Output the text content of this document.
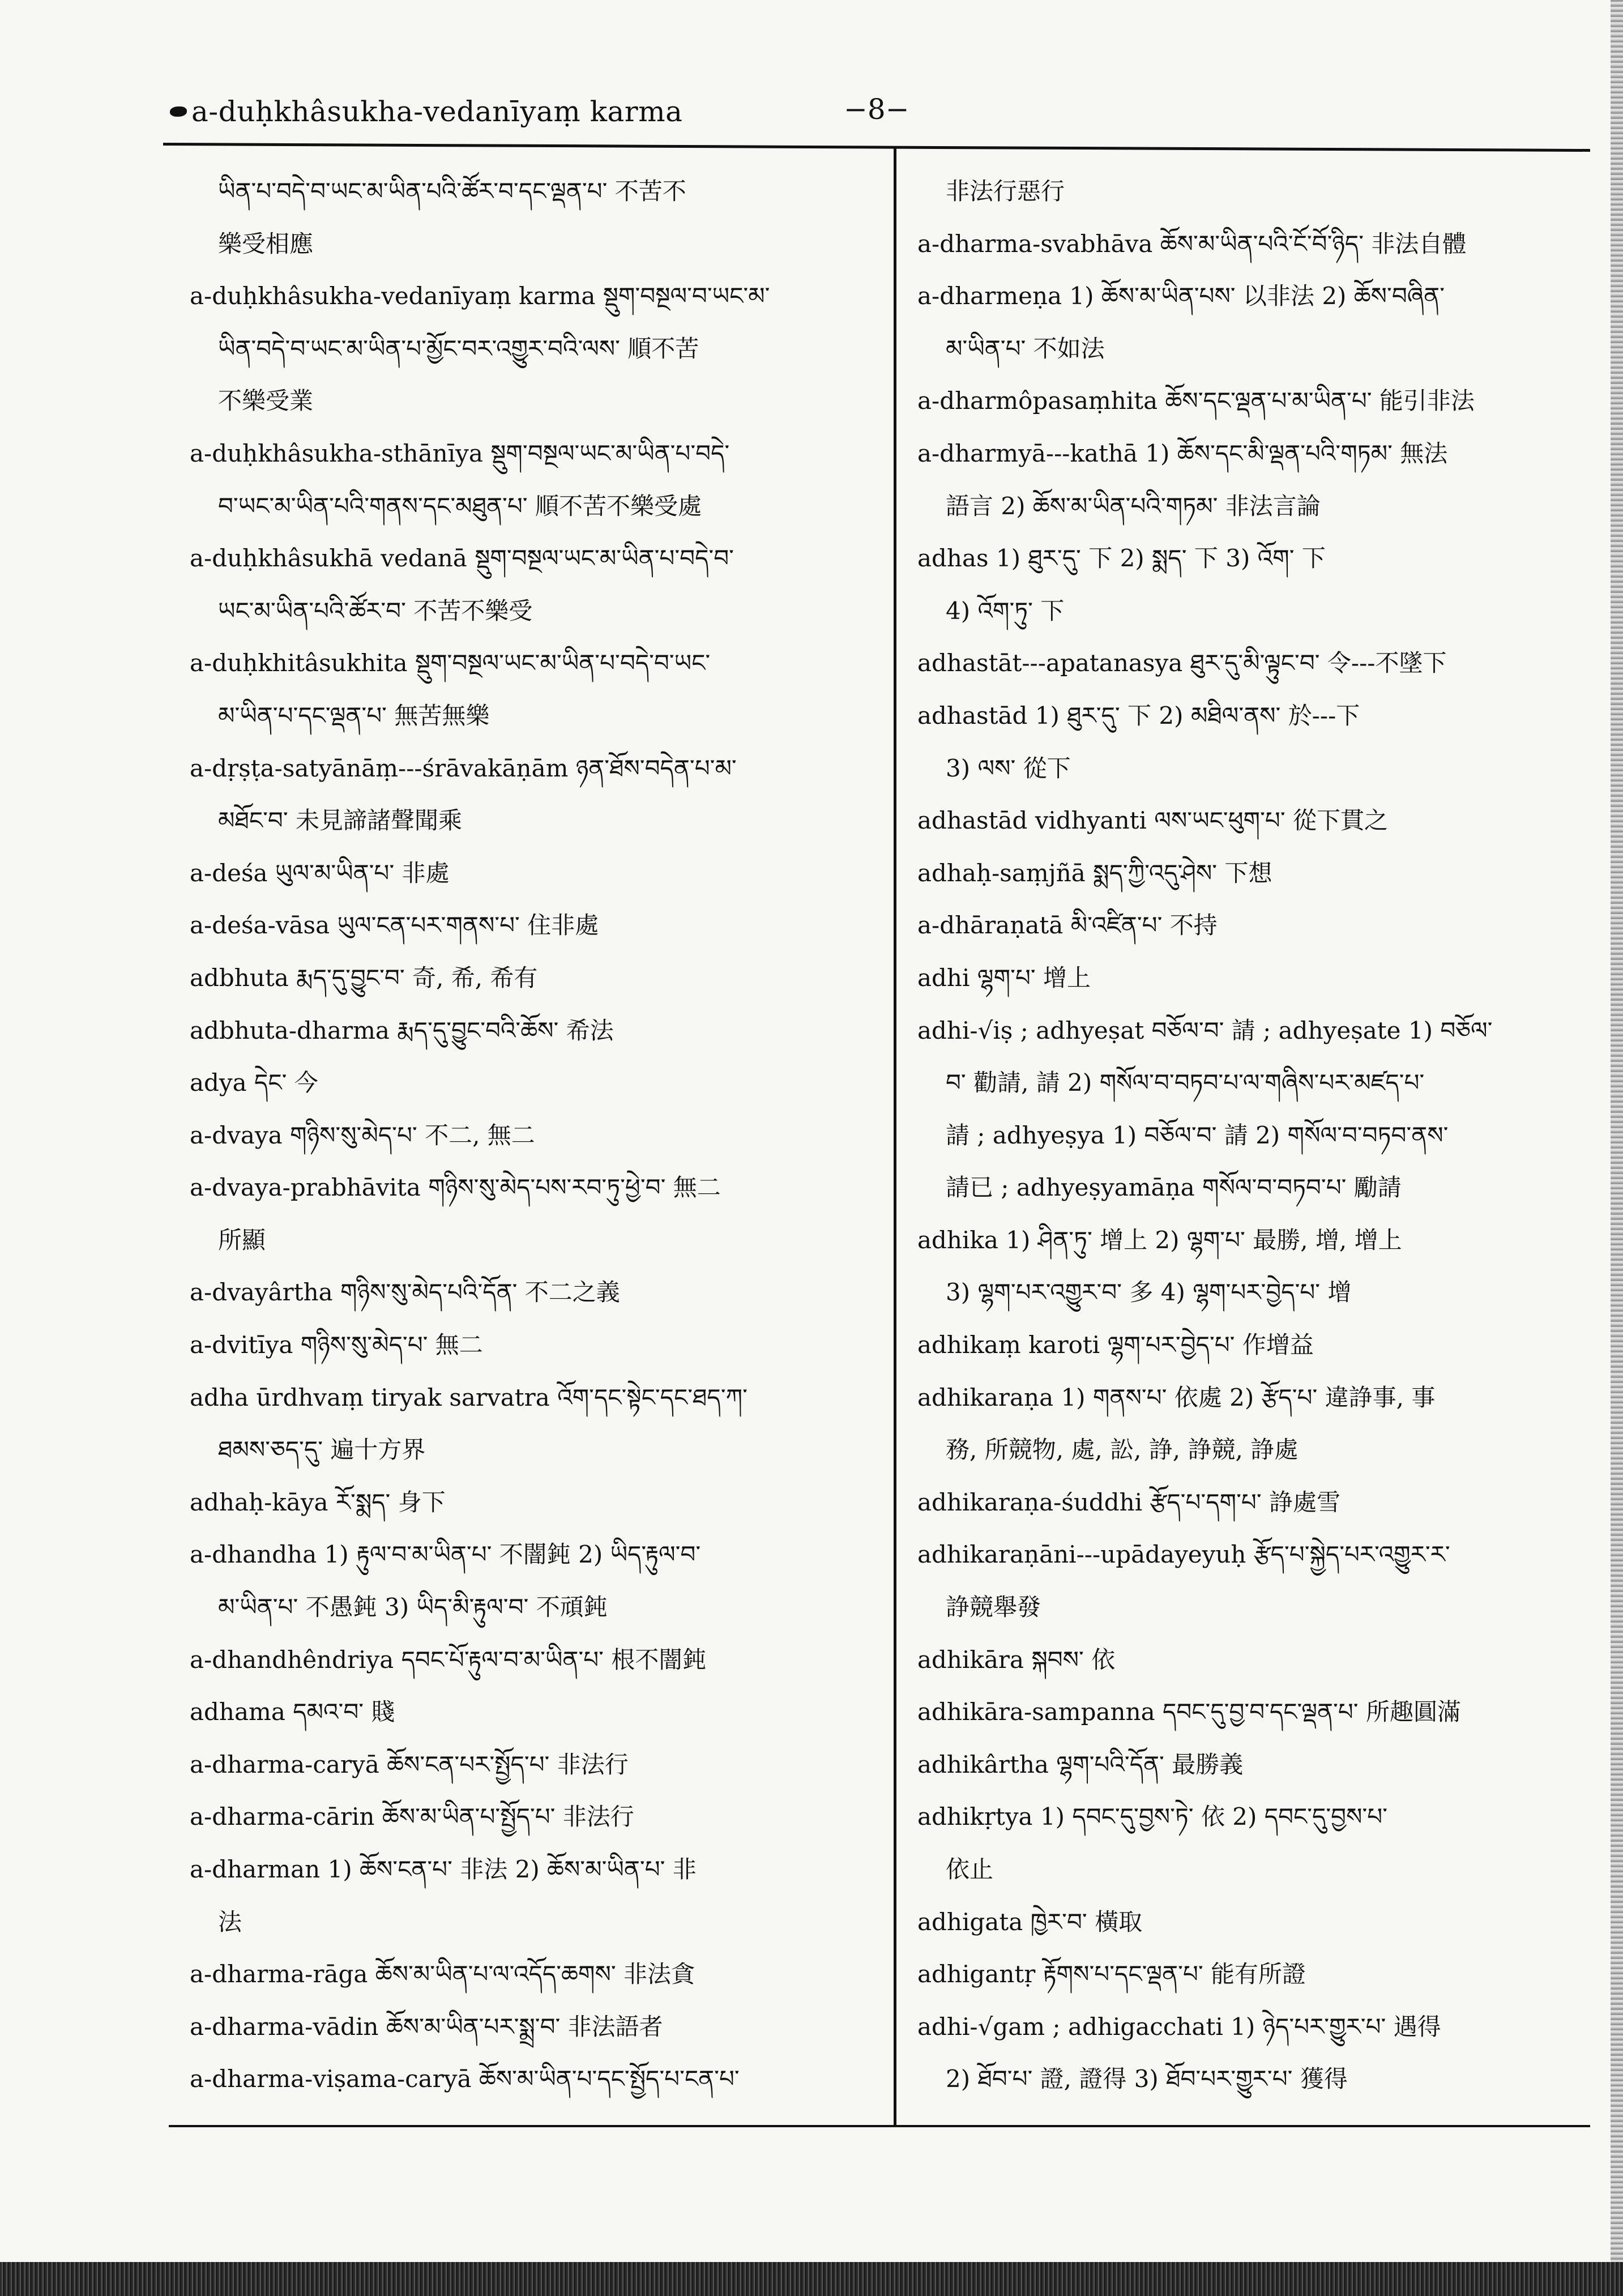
a-duḥkhâsukha-vedanīyaṃ karma	−8−
ཡིན་པ་བདེ་བ་ཡང་མ་ཡིན་པའི་ཚོར་བ་དང་ལྡན་པ་ 不苦不
樂受相應
a-duḥkhâsukha-vedanīyaṃ karma སྡུག་བསྔལ་བ་ཡང་མ་
ཡིན་བདེ་བ་ཡང་མ་ཡིན་པ་མྱོང་བར་འགྱུར་བའི་ལས་ 順不苦
不樂受業
a-duḥkhâsukha-sthānīya སྡུག་བསྔལ་ཡང་མ་ཡིན་པ་བདེ་
བ་ཡང་མ་ཡིན་པའི་གནས་དང་མཐུན་པ་ 順不苦不樂受處
a-duḥkhâsukhā vedanā སྡུག་བསྔལ་ཡང་མ་ཡིན་པ་བདེ་བ་
ཡང་མ་ཡིན་པའི་ཚོར་བ་ 不苦不樂受
a-duḥkhitâsukhita སྡུག་བསྔལ་ཡང་མ་ཡིན་པ་བདེ་བ་ཡང་
མ་ཡིན་པ་དང་ལྡན་པ་ 無苦無樂
a-dṛṣṭa-satyānāṃ---śrāvakāṇām ཉན་ཐོས་བདེན་པ་མ་
མཐོང་བ་ 未見諦諸聲聞乘
a-deśa ཡུལ་མ་ཡིན་པ་ 非處
a-deśa-vāsa ཡུལ་ངན་པར་གནས་པ་ 住非處
adbhuta རྨད་དུ་བྱུང་བ་ 奇, 希, 希有
adbhuta-dharma རྨད་དུ་བྱུང་བའི་ཆོས་ 希法
adya དེང་ 今
a-dvaya གཉིས་སུ་མེད་པ་ 不二, 無二
a-dvaya-prabhāvita གཉིས་སུ་མེད་པས་རབ་ཏུ་ཕྱེ་བ་ 無二
所顯
a-dvayârtha གཉིས་སུ་མེད་པའི་དོན་ 不二之義
a-dvitīya གཉིས་སུ་མེད་པ་ 無二
adha ūrdhvaṃ tiryak sarvatra འོག་དང་སྟེང་དང་ཐད་ཀ་
ཐམས་ཅད་དུ་ 遍十方界
adhaḥ-kāya རོ་སྨད་ 身下
a-dhandha 1) རྟུལ་བ་མ་ཡིན་པ་ 不闇鈍 2) ཡིད་རྟུལ་བ་
མ་ཡིན་པ་ 不愚鈍 3) ཡིད་མི་རྟུལ་བ་ 不頑鈍
a-dhandhêndriya དབང་པོ་རྟུལ་བ་མ་ཡིན་པ་ 根不闇鈍
adhama དམའ་བ་ 賤
a-dharma-caryā ཆོས་ངན་པར་སྤྱོད་པ་ 非法行
a-dharma-cārin ཆོས་མ་ཡིན་པ་སྤྱོད་པ་ 非法行
a-dharman 1) ཆོས་ངན་པ་ 非法 2) ཆོས་མ་ཡིན་པ་ 非
法
a-dharma-rāga ཆོས་མ་ཡིན་པ་ལ་འདོད་ཆགས་ 非法貪
a-dharma-vādin ཆོས་མ་ཡིན་པར་སྨྲ་བ་ 非法語者
a-dharma-viṣama-caryā ཆོས་མ་ཡིན་པ་དང་སྤྱོད་པ་ངན་པ་
非法行惡行
a-dharma-svabhāva ཆོས་མ་ཡིན་པའི་ངོ་བོ་ཉིད་ 非法自體
a-dharmeṇa 1) ཆོས་མ་ཡིན་པས་ 以非法 2) ཆོས་བཞིན་
མ་ཡིན་པ་ 不如法
a-dharmôpasaṃhita ཆོས་དང་ལྡན་པ་མ་ཡིན་པ་ 能引非法
a-dharmyā---kathā 1) ཆོས་དང་མི་ལྡན་པའི་གཏམ་ 無法
語言 2) ཆོས་མ་ཡིན་པའི་གཏམ་ 非法言論
adhas 1) ཐུར་དུ་ 下 2) སྨད་ 下 3) འོག་ 下
4) འོག་ཏུ་ 下
adhastāt---apatanasya ཐུར་དུ་མི་ལྟུང་བ་ 令---不墜下
adhastād 1) ཐུར་དུ་ 下 2) མཐིལ་ནས་ 於---下
3) ལས་ 從下
adhastād vidhyanti ལས་ཡང་ཕུག་པ་ 從下貫之
adhaḥ-saṃjñā སྨད་ཀྱི་འདུ་ཤེས་ 下想
a-dhāraṇatā མི་འཛིན་པ་ 不持
adhi ལྷག་པ་ 增上
adhi-√iṣ ; adhyeṣat བཅོལ་བ་ 請 ; adhyeṣate 1) བཅོལ་
བ་ 勸請, 請 2) གསོལ་བ་བཏབ་པ་ལ་གཞིས་པར་མཛད་པ་
請 ; adhyeṣya 1) བཅོལ་བ་ 請 2) གསོལ་བ་བཏབ་ནས་
請已 ; adhyeṣyamāṇa གསོལ་བ་བཏབ་པ་ 勵請
adhika 1) ཤིན་ཏུ་ 增上 2) ལྷག་པ་ 最勝, 增, 增上
3) ལྷག་པར་འགྱུར་བ་ 多 4) ལྷག་པར་བྱེད་པ་ 增
adhikaṃ karoti ལྷག་པར་བྱེད་པ་ 作增益
adhikaraṇa 1) གནས་པ་ 依處 2) རྩོད་པ་ 違諍事, 事
務, 所競物, 處, 訟, 諍, 諍競, 諍處
adhikaraṇa-śuddhi རྩོད་པ་དག་པ་ 諍處雪
adhikaraṇāni---upādayeyuḥ རྩོད་པ་སྐྱེད་པར་འགྱུར་ར་
諍競舉發
adhikāra སྐབས་ 依
adhikāra-sampanna དབང་དུ་བྱ་བ་དང་ལྡན་པ་ 所趣圓滿
adhikârtha ལྷག་པའི་དོན་ 最勝義
adhikṛtya 1) དབང་དུ་བྱས་ཏེ་ 依 2) དབང་དུ་བྱས་པ་
依止
adhigata ཁྱེར་བ་ 橫取
adhigantṛ རྟོགས་པ་དང་ལྡན་པ་ 能有所證
adhi-√gam ; adhigacchati 1) ཉེད་པར་གྱུར་པ་ 遇得
2) ཐོབ་པ་ 證, 證得 3) ཐོབ་པར་གྱུར་པ་ 獲得
